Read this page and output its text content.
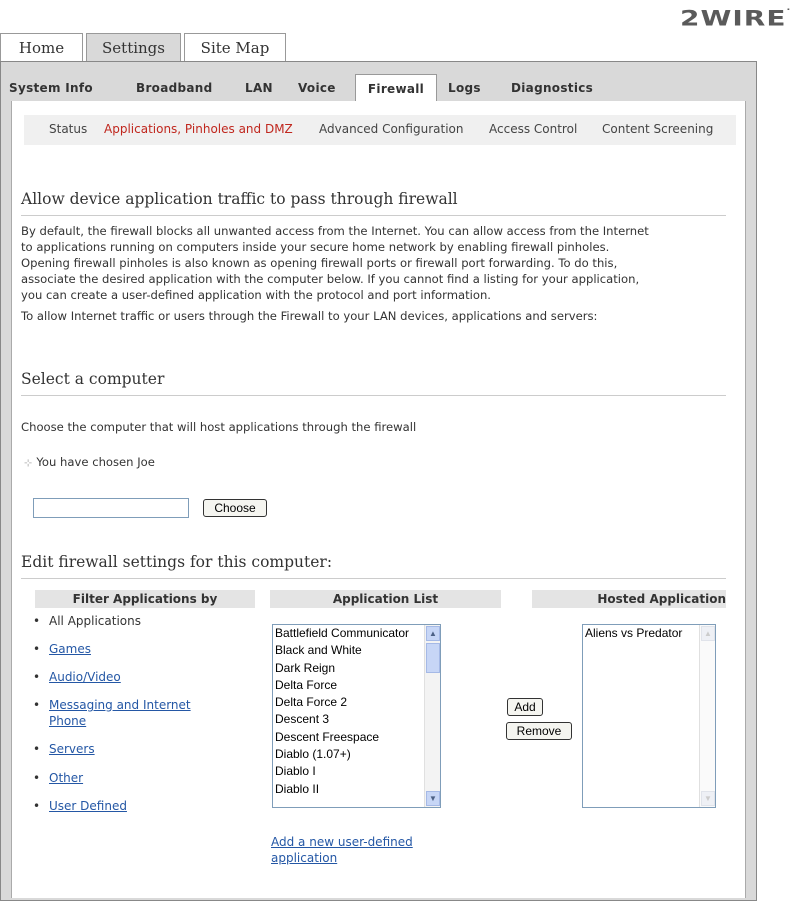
2WIRE·
Home	Settings	Site Map
System Info	Broadband	LAN Voice	Firewall	Logs	Diagnostics
Status Applications, Pinholes and DMZ Advanced Configuration Access Control Content Screening
Allow device application traffic to pass through firewall
By default, the firewall blocks all unwanted access from the Internet. You can allow access from the Internet
to applications running on computers inside your secure home network by enabling firewall pinholes.
Opening firewall pinholes is also known as opening firewall ports or firewall port forwarding. To do this,
associate the desired application with the computer below. If you cannot find a listing for your application,
you can create a user-defined application with the protocol and port information.
To allow Internet traffic or users through the Firewall to your LAN devices, applications and servers:
Select a computer
Choose the computer that will host applications through the firewall
⊹ You have chosen Joe
Choose
Edit firewall settings for this computer:
Filter Applications by	Application List	Hosted Application
• All Applications
• Games
• Audio/Video
• Messaging and Internet
Phone
• Servers
• Other
• User Defined
Battlefield Communicator
Black and White
Dark Reign
Delta Force
Delta Force 2
Descent 3
Descent Freespace
Diablo (1.07+)
Diablo I
Diablo II
▲
▼
Add
Remove
Aliens vs Predator	▲
▼
Add a new user-defined
application
